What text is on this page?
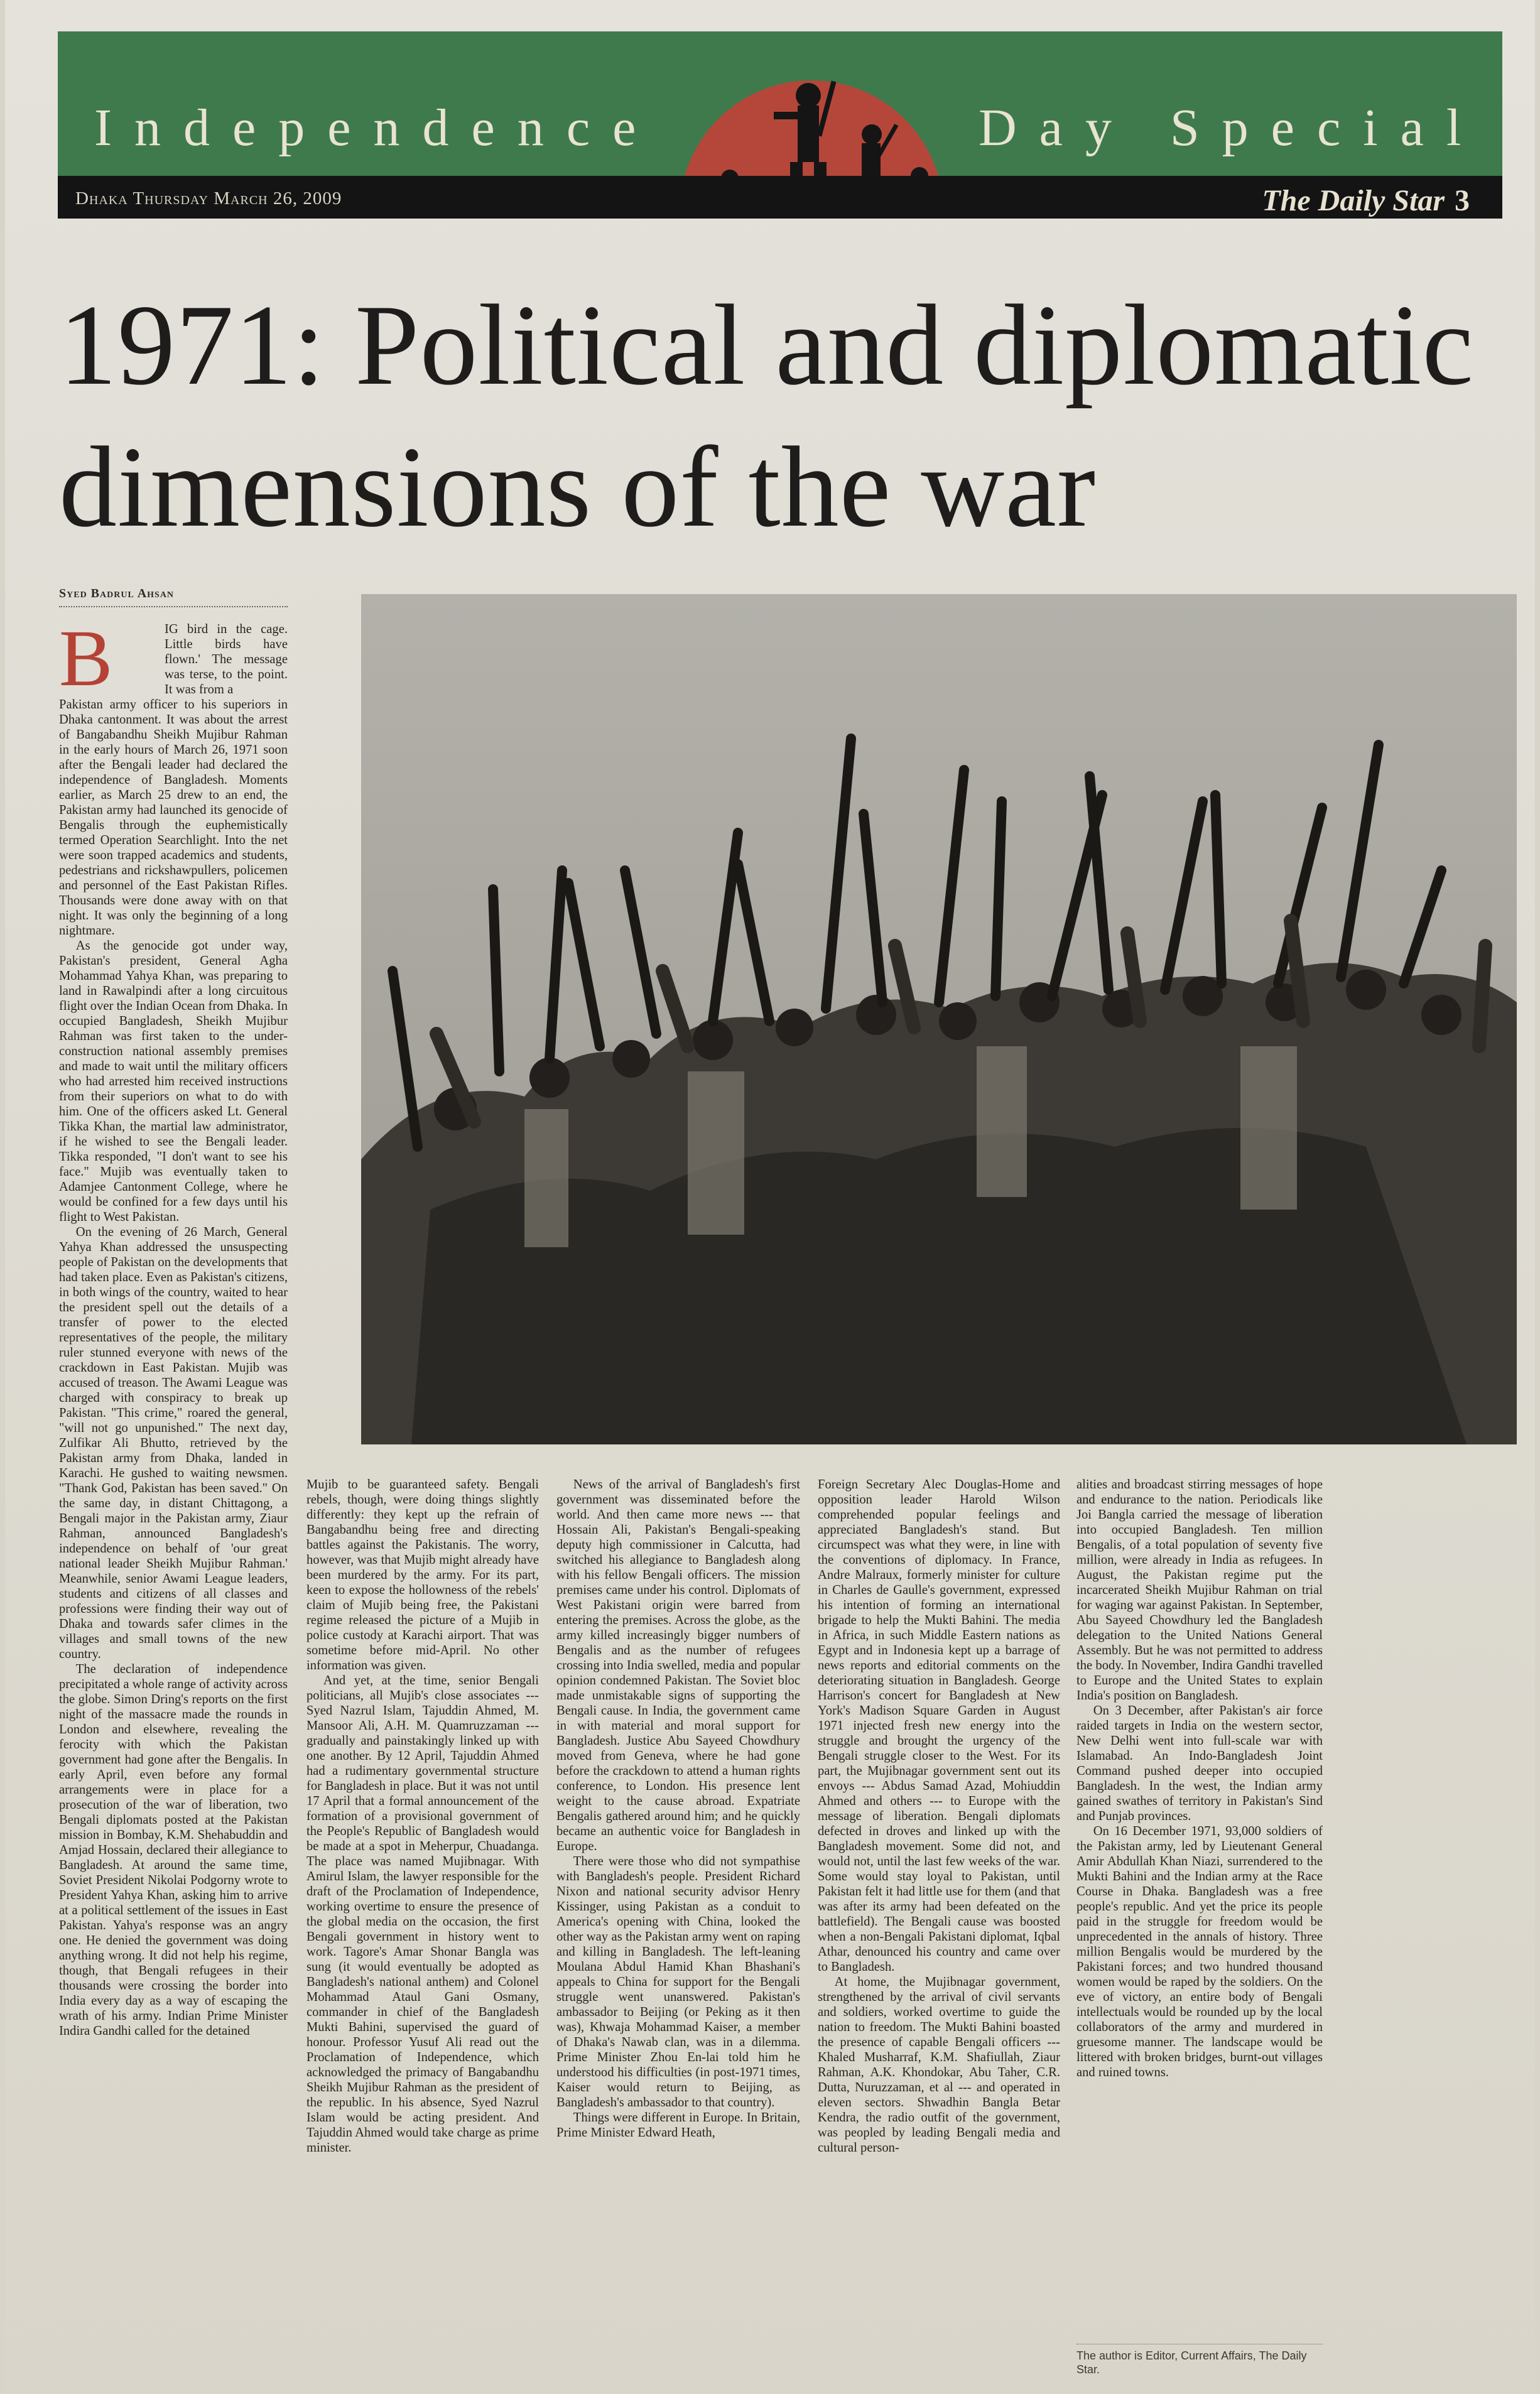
Independence	Day Special
Dhaka Thursday March 26, 2009	The Daily Star 3
1971: Political and diplomatic
dimensions of the war
Syed Badrul Ahsan
B	IG bird in the cage. Little birds have flown.' The message was terse, to the point. It was from a

Pakistan army officer to his superiors in Dhaka cantonment. It was about the arrest of Bangabandhu Sheikh Mujibur Rahman in the early hours of March 26, 1971 soon after the Bengali leader had declared the independence of Bangladesh. Moments earlier, as March 25 drew to an end, the Pakistan army had launched its genocide of Bengalis through the euphemistically termed Operation Searchlight. Into the net were soon trapped academics and students, pedestrians and rickshawpullers, policemen and personnel of the East Pakistan Rifles. Thousands were done away with on that night. It was only the beginning of a long nightmare.

As the genocide got under way, Pakistan's president, General Agha Mohammad Yahya Khan, was preparing to land in Rawalpindi after a long circuitous flight over the Indian Ocean from Dhaka. In occupied Bangladesh, Sheikh Mujibur Rahman was first taken to the under-construction national assembly premises and made to wait until the military officers who had arrested him received instructions from their superiors on what to do with him. One of the officers asked Lt. General Tikka Khan, the martial law administrator, if he wished to see the Bengali leader. Tikka responded, "I don't want to see his face." Mujib was eventually taken to Adamjee Cantonment College, where he would be confined for a few days until his flight to West Pakistan.

On the evening of 26 March, General Yahya Khan addressed the unsuspecting people of Pakistan on the developments that had taken place. Even as Pakistan's citizens, in both wings of the country, waited to hear the president spell out the details of a transfer of power to the elected representatives of the people, the military ruler stunned everyone with news of the crackdown in East Pakistan. Mujib was accused of treason. The Awami League was charged with conspiracy to break up Pakistan. "This crime," roared the general, "will not go unpunished." The next day, Zulfikar Ali Bhutto, retrieved by the Pakistan army from Dhaka, landed in Karachi. He gushed to waiting newsmen. "Thank God, Pakistan has been saved." On the same day, in distant Chittagong, a Bengali major in the Pakistan army, Ziaur Rahman, announced Bangladesh's independence on behalf of 'our great national leader Sheikh Mujibur Rahman.' Meanwhile, senior Awami League leaders, students and citizens of all classes and professions were finding their way out of Dhaka and towards safer climes in the villages and small towns of the new country.

The declaration of independence precipitated a whole range of activity across the globe. Simon Dring's reports on the first night of the massacre made the rounds in London and elsewhere, revealing the ferocity with which the Pakistan government had gone after the Bengalis. In early April, even before any formal arrangements were in place for a prosecution of the war of liberation, two Bengali diplomats posted at the Pakistan mission in Bombay, K.M. Shehabuddin and Amjad Hossain, declared their allegiance to Bangladesh. At around the same time, Soviet President Nikolai Podgorny wrote to President Yahya Khan, asking him to arrive at a political settlement of the issues in East Pakistan. Yahya's response was an angry one. He denied the government was doing anything wrong. It did not help his regime, though, that Bengali refugees in their thousands were crossing the border into India every day as a way of escaping the wrath of his army. Indian Prime Minister Indira Gandhi called for the detained

Mujib to be guaranteed safety. Bengali rebels, though, were doing things slightly differently: they kept up the refrain of Bangabandhu being free and directing battles against the Pakistanis. The worry, however, was that Mujib might already have been murdered by the army. For its part, keen to expose the hollowness of the rebels' claim of Mujib being free, the Pakistani regime released the picture of a Mujib in police custody at Karachi airport. That was sometime before mid-April. No other information was given.

And yet, at the time, senior Bengali politicians, all Mujib's close associates --- Syed Nazrul Islam, Tajuddin Ahmed, M. Mansoor Ali, A.H. M. Quamruzzaman --- gradually and painstakingly linked up with one another. By 12 April, Tajuddin Ahmed had a rudimentary governmental structure for Bangladesh in place. But it was not until 17 April that a formal announcement of the formation of a provisional government of the People's Republic of Bangladesh would be made at a spot in Meherpur, Chuadanga. The place was named Mujibnagar. With Amirul Islam, the lawyer responsible for the draft of the Proclamation of Independence, working overtime to ensure the presence of the global media on the occasion, the first Bengali government in history went to work. Tagore's Amar Shonar Bangla was sung (it would eventually be adopted as Bangladesh's national anthem) and Colonel Mohammad Ataul Gani Osmany, commander in chief of the Bangladesh Mukti Bahini, supervised the guard of honour. Professor Yusuf Ali read out the Proclamation of Independence, which acknowledged the primacy of Bangabandhu Sheikh Mujibur Rahman as the president of the republic. In his absence, Syed Nazrul Islam would be acting president. And Tajuddin Ahmed would take charge as prime minister.

News of the arrival of Bangladesh's first government was disseminated before the world. And then came more news --- that Hossain Ali, Pakistan's Bengali-speaking deputy high commissioner in Calcutta, had switched his allegiance to Bangladesh along with his fellow Bengali officers. The mission premises came under his control. Diplomats of West Pakistani origin were barred from entering the premises. Across the globe, as the army killed increasingly bigger numbers of Bengalis and as the number of refugees crossing into India swelled, media and popular opinion condemned Pakistan. The Soviet bloc made unmistakable signs of supporting the Bengali cause. In India, the government came in with material and moral support for Bangladesh. Justice Abu Sayeed Chowdhury moved from Geneva, where he had gone before the crackdown to attend a human rights conference, to London. His presence lent weight to the cause abroad. Expatriate Bengalis gathered around him; and he quickly became an authentic voice for Bangladesh in Europe.

There were those who did not sympathise with Bangladesh's people. President Richard Nixon and national security advisor Henry Kissinger, using Pakistan as a conduit to America's opening with China, looked the other way as the Pakistan army went on raping and killing in Bangladesh. The left-leaning Moulana Abdul Hamid Khan Bhashani's appeals to China for support for the Bengali struggle went unanswered. Pakistan's ambassador to Beijing (or Peking as it then was), Khwaja Mohammad Kaiser, a member of Dhaka's Nawab clan, was in a dilemma. Prime Minister Zhou En-lai told him he understood his difficulties (in post-1971 times, Kaiser would return to Beijing, as Bangladesh's ambassador to that country).

Things were different in Europe. In Britain, Prime Minister Edward Heath,

Foreign Secretary Alec Douglas-Home and opposition leader Harold Wilson comprehended popular feelings and appreciated Bangladesh's stand. But circumspect was what they were, in line with the conventions of diplomacy. In France, Andre Malraux, formerly minister for culture in Charles de Gaulle's government, expressed his intention of forming an international brigade to help the Mukti Bahini. The media in Africa, in such Middle Eastern nations as Egypt and in Indonesia kept up a barrage of news reports and editorial comments on the deteriorating situation in Bangladesh. George Harrison's concert for Bangladesh at New York's Madison Square Garden in August 1971 injected fresh new energy into the struggle and brought the urgency of the Bengali struggle closer to the West. For its part, the Mujibnagar government sent out its envoys --- Abdus Samad Azad, Mohiuddin Ahmed and others --- to Europe with the message of liberation. Bengali diplomats defected in droves and linked up with the Bangladesh movement. Some did not, and would not, until the last few weeks of the war. Some would stay loyal to Pakistan, until Pakistan felt it had little use for them (and that was after its army had been defeated on the battlefield). The Bengali cause was boosted when a non-Bengali Pakistani diplomat, Iqbal Athar, denounced his country and came over to Bangladesh.

At home, the Mujibnagar government, strengthened by the arrival of civil servants and soldiers, worked overtime to guide the nation to freedom. The Mukti Bahini boasted the presence of capable Bengali officers --- Khaled Musharraf, K.M. Shafiullah, Ziaur Rahman, A.K. Khondokar, Abu Taher, C.R. Dutta, Nuruzzaman, et al --- and operated in eleven sectors. Shwadhin Bangla Betar Kendra, the radio outfit of the government, was peopled by leading Bengali media and cultural person-

alities and broadcast stirring messages of hope and endurance to the nation. Periodicals like Joi Bangla carried the message of liberation into occupied Bangladesh. Ten million Bengalis, of a total population of seventy five million, were already in India as refugees. In August, the Pakistan regime put the incarcerated Sheikh Mujibur Rahman on trial for waging war against Pakistan. In September, Abu Sayeed Chowdhury led the Bangladesh delegation to the United Nations General Assembly. But he was not permitted to address the body. In November, Indira Gandhi travelled to Europe and the United States to explain India's position on Bangladesh.

On 3 December, after Pakistan's air force raided targets in India on the western sector, New Delhi went into full-scale war with Islamabad. An Indo-Bangladesh Joint Command pushed deeper into occupied Bangladesh. In the west, the Indian army gained swathes of territory in Pakistan's Sind and Punjab provinces.

On 16 December 1971, 93,000 soldiers of the Pakistan army, led by Lieutenant General Amir Abdullah Khan Niazi, surrendered to the Mukti Bahini and the Indian army at the Race Course in Dhaka. Bangladesh was a free people's republic. And yet the price its people paid in the struggle for freedom would be unprecedented in the annals of history. Three million Bengalis would be murdered by the Pakistani forces; and two hundred thousand women would be raped by the soldiers. On the eve of victory, an entire body of Bengali intellectuals would be rounded up by the local collaborators of the army and murdered in gruesome manner. The landscape would be littered with broken bridges, burnt-out villages and ruined towns.

The author is Editor, Current Affairs, The Daily Star.
